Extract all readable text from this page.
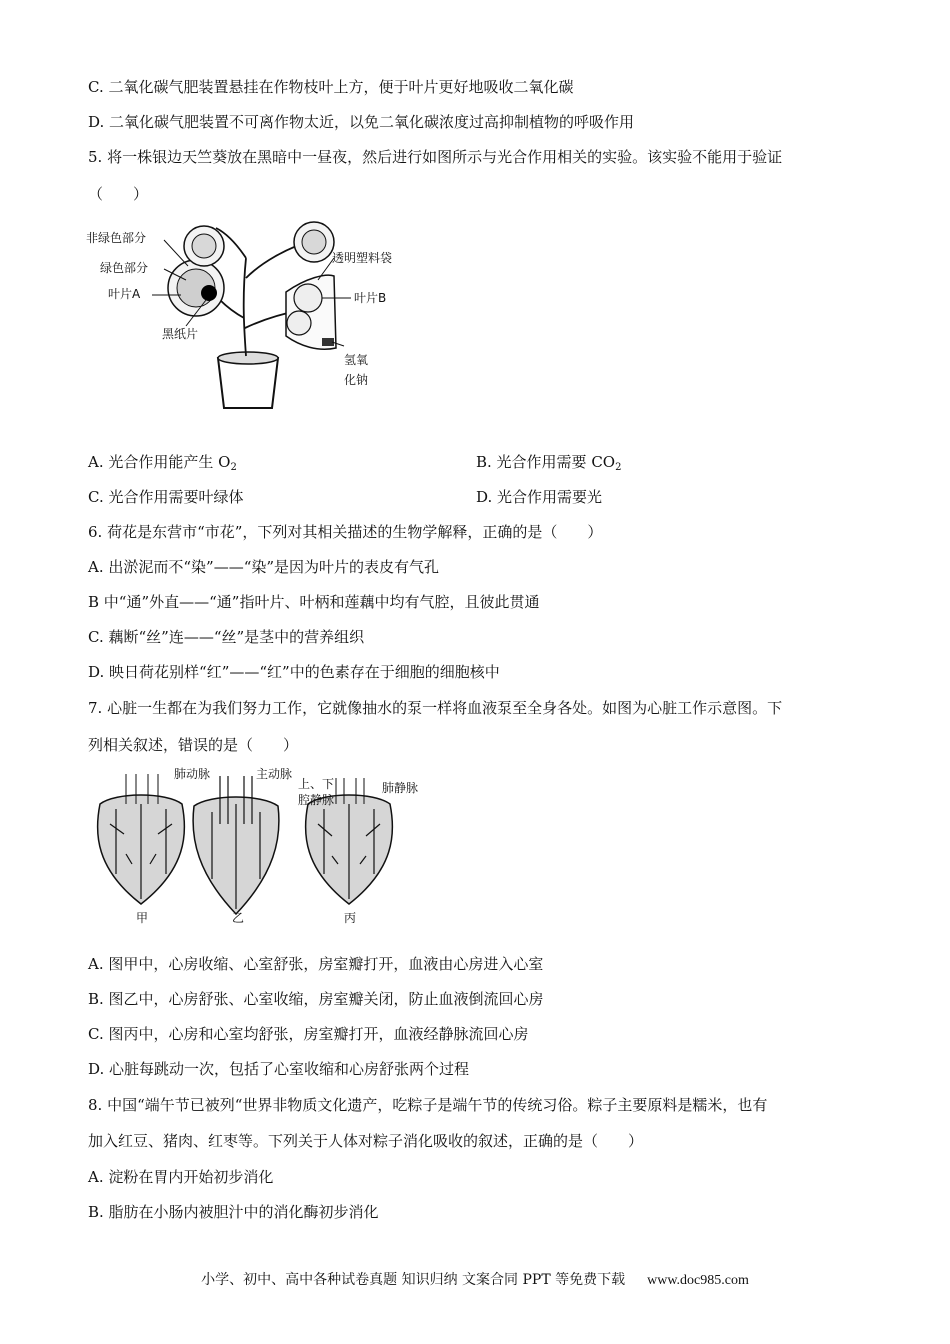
C. 二氧化碳气肥装置悬挂在作物枝叶上方，便于叶片更好地吸收二氧化碳
D. 二氧化碳气肥装置不可离作物太近，以免二氧化碳浓度过高抑制植物的呼吸作用
5. 将一株银边天竺葵放在黑暗中一昼夜，然后进行如图所示与光合作用相关的实验。该实验不能用于验证
（　　）
非绿色部分
绿色部分
叶片A
黑纸片
透明塑料袋
叶片B
氢氧
化钠
A. 光合作用能产生 $O_2$	B. 光合作用需要 $CO_2$
C. 光合作用需要叶绿体	D. 光合作用需要光
6. 荷花是东营市“市花”，下列对其相关描述的生物学解释，正确的是（　　）
A. 出淤泥而不“染”——“染”是因为叶片的表皮有气孔
B 中“通”外直——“通”指叶片、叶柄和莲藕中均有气腔，且彼此贯通
C. 藕断“丝”连——“丝”是茎中的营养组织
D. 映日荷花别样“红”——“红”中的色素存在于细胞的细胞核中
7. 心脏一生都在为我们努力工作，它就像抽水的泵一样将血液泵至全身各处。如图为心脏工作示意图。下
列相关叙述，错误的是（　　）
肺动脉	主动脉
上、下
腔静脉
肺静脉
甲	乙	丙
A. 图甲中，心房收缩、心室舒张，房室瓣打开，血液由心房进入心室
B. 图乙中，心房舒张、心室收缩，房室瓣关闭，防止血液倒流回心房
C. 图丙中，心房和心室均舒张，房室瓣打开，血液经静脉流回心房
D. 心脏每跳动一次，包括了心室收缩和心房舒张两个过程
8. 中国“端午节已被列“世界非物质文化遗产，吃粽子是端午节的传统习俗。粽子主要原料是糯米，也有
加入红豆、猪肉、红枣等。下列关于人体对粽子消化吸收的叙述，正确的是（　　）
A. 淀粉在胃内开始初步消化
B. 脂肪在小肠内被胆汁中的消化酶初步消化
小学、初中、高中各种试卷真题 知识归纳 文案合同 PPT 等免费下载 www.doc985.com
